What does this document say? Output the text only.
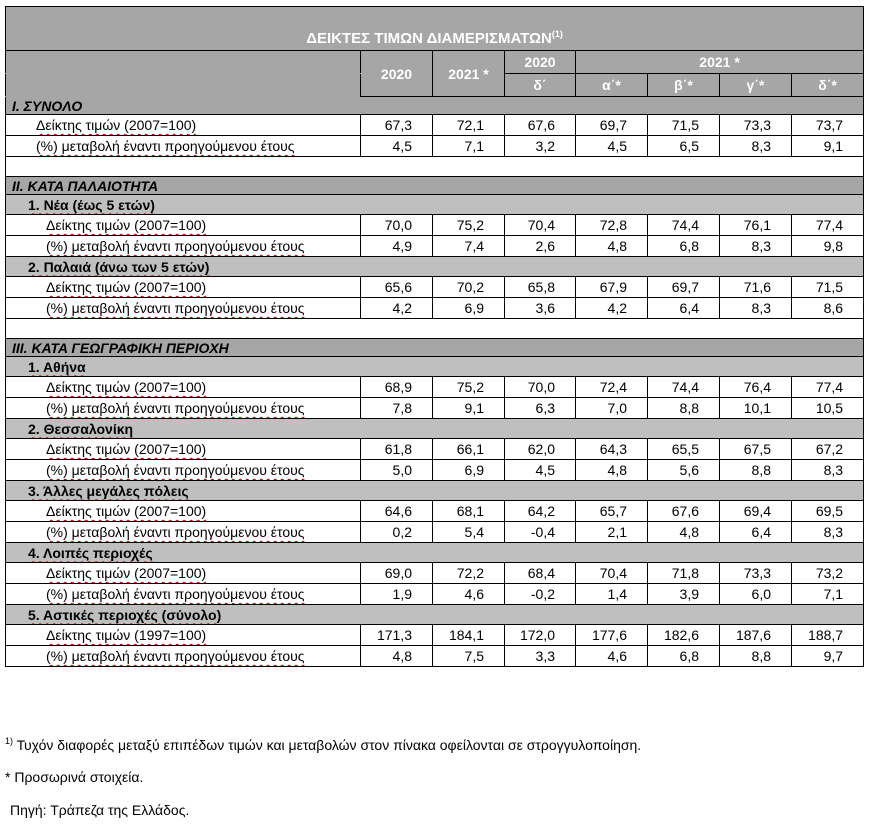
ΔΕΙΚΤΕΣ ΤΙΜΩΝ ΔΙΑΜΕΡΙΣΜΑΤΩΝ$^{(1)}$
	2020	2021 *	2020	2021 *			
			δ΄	α΄*	β΄*	γ΄*	δ΄*
I. ΣΥΝΟΛΟ							
Δείκτης τιμών (2007=100)	67,3	72,1	67,6	69,7	71,5	73,3	73,7
(%) μεταβολή έναντι προηγούμενου έτους	4,5	7,1	3,2	4,5	6,5	8,3	9,1

II. ΚΑΤΑ ΠΑΛΑΙΟΤΗΤΑ							
1. Νέα (έως 5 ετών)							
Δείκτης τιμών (2007=100)	70,0	75,2	70,4	72,8	74,4	76,1	77,4
(%) μεταβολή έναντι προηγούμενου έτους	4,9	7,4	2,6	4,8	6,8	8,3	9,8
2. Παλαιά (άνω των 5 ετών)							
Δείκτης τιμών (2007=100)	65,6	70,2	65,8	67,9	69,7	71,6	71,5
(%) μεταβολή έναντι προηγούμενου έτους	4,2	6,9	3,6	4,2	6,4	8,3	8,6

III. ΚΑΤΑ ΓΕΩΓΡΑΦΙΚΗ ΠΕΡΙΟΧΗ							
1. Αθήνα							
Δείκτης τιμών (2007=100)	68,9	75,2	70,0	72,4	74,4	76,4	77,4
(%) μεταβολή έναντι προηγούμενου έτους	7,8	9,1	6,3	7,0	8,8	10,1	10,5
2. Θεσσαλονίκη							
Δείκτης τιμών (2007=100)	61,8	66,1	62,0	64,3	65,5	67,5	67,2
(%) μεταβολή έναντι προηγούμενου έτους	5,0	6,9	4,5	4,8	5,6	8,8	8,3
3. Άλλες μεγάλες πόλεις							
Δείκτης τιμών (2007=100)	64,6	68,1	64,2	65,7	67,6	69,4	69,5
(%) μεταβολή έναντι προηγούμενου έτους	0,2	5,4	-0,4	2,1	4,8	6,4	8,3
4. Λοιπές περιοχές							
Δείκτης τιμών (2007=100)	69,0	72,2	68,4	70,4	71,8	73,3	73,2
(%) μεταβολή έναντι προηγούμενου έτους	1,9	4,6	-0,2	1,4	3,9	6,0	7,1
5. Αστικές περιοχές (σύνολο)							
Δείκτης τιμών (1997=100)	171,3	184,1	172,0	177,6	182,6	187,6	188,7
(%) μεταβολή έναντι προηγούμενου έτους	4,8	7,5	3,3	4,6	6,8	8,8	9,7
$^{1)}$ Τυχόν διαφορές μεταξύ επιπέδων τιμών και μεταβολών στον πίνακα οφείλονται σε στρογγυλοποίηση.
* Προσωρινά στοιχεία.
Πηγή: Τράπεζα της Ελλάδος.
